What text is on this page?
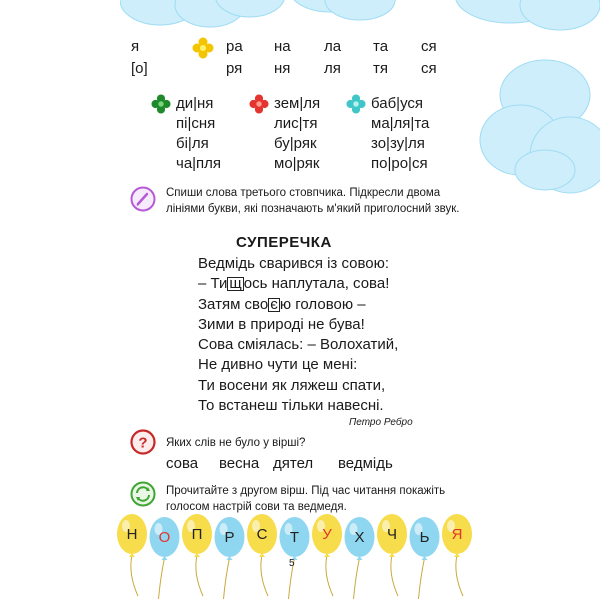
я
[о]
ра на ла та ся
ря ня ля тя ся
ди|ня
пі|сня
бі|ля
ча|пля
зем|ля
лис|тя
бу|ряк
мо|ряк
баб|уся
ма|ля|та
зо|зу|ля
по|ро|ся
Спиши слова третього стовпчика. Підкресли двома лініями букви, які позначають м'який приголосний звук.
СУПЕРЕЧКА
Ведмідь сварився із совою:
– Ти щ ось наплутала, сова!
Затям сво є ю головою –
Зими в природі не бува!
Сова сміялась: – Волохатий,
Не дивно чути це мені:
Ти восени як ляжеш спати,
То встанеш тільки навесні.
Петро Ребро
? Яких слів не було у вірші?
сова весна дятел ведмідь
Прочитайте з другом вірш. Під час читання покажіть голосом настрій сови та ведмедя.
Н О П Р С Т У Х Ч Ь Я
5
